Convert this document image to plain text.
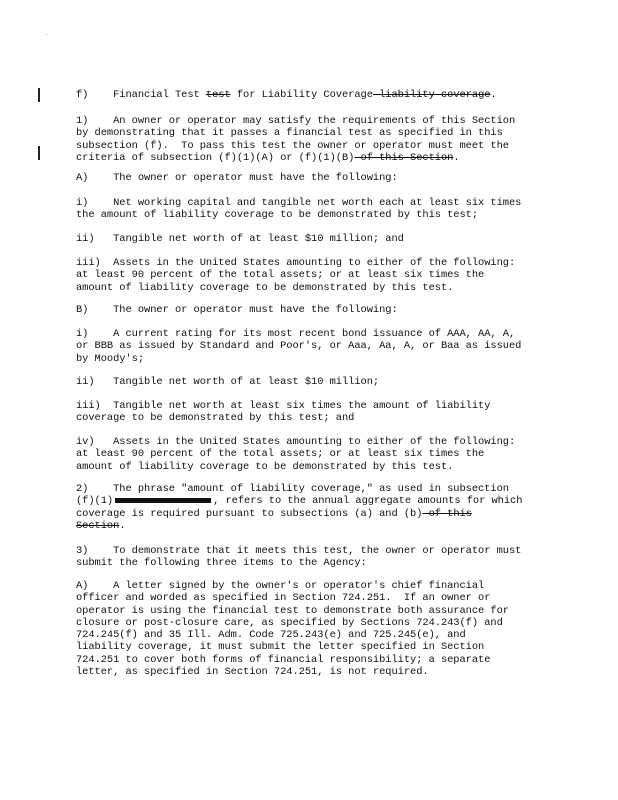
f)    Financial Test test for Liability Coverage liability coverage.
1)    An owner or operator may satisfy the requirements of this Section
by demonstrating that it passes a financial test as specified in this
subsection (f).  To pass this test the owner or operator must meet the
criteria of subsection (f)(1)(A) or (f)(1)(B) of this Section.
A)    The owner or operator must have the following:
i)    Net working capital and tangible net worth each at least six times
the amount of liability coverage to be demonstrated by this test;
ii)   Tangible net worth of at least $10 million; and
iii)  Assets in the United States amounting to either of the following:
at least 90 percent of the total assets; or at least six times the
amount of liability coverage to be demonstrated by this test.
B)    The owner or operator must have the following:
i)    A current rating for its most recent bond issuance of AAA, AA, A,
or BBB as issued by Standard and Poor's, or Aaa, Aa, A, or Baa as issued
by Moody's;
ii)   Tangible net worth of at least $10 million;
iii)  Tangible net worth at least six times the amount of liability
coverage to be demonstrated by this test; and
iv)   Assets in the United States amounting to either of the following:
at least 90 percent of the total assets; or at least six times the
amount of liability coverage to be demonstrated by this test.
2)    The phrase "amount of liability coverage," as used in subsection
(f)(1)	, refers to the annual aggregate amounts for which
coverage is required pursuant to subsections (a) and (b) of this
Section.
3)    To demonstrate that it meets this test, the owner or operator must
submit the following three items to the Agency:
A)    A letter signed by the owner's or operator's chief financial
officer and worded as specified in Section 724.251.  If an owner or
operator is using the financial test to demonstrate both assurance for
closure or post-closure care, as specified by Sections 724.243(f) and
724.245(f) and 35 Ill. Adm. Code 725.243(e) and 725.245(e), and
liability coverage, it must submit the letter specified in Section
724.251 to cover both forms of financial responsibility; a separate
letter, as specified in Section 724.251, is not required.
